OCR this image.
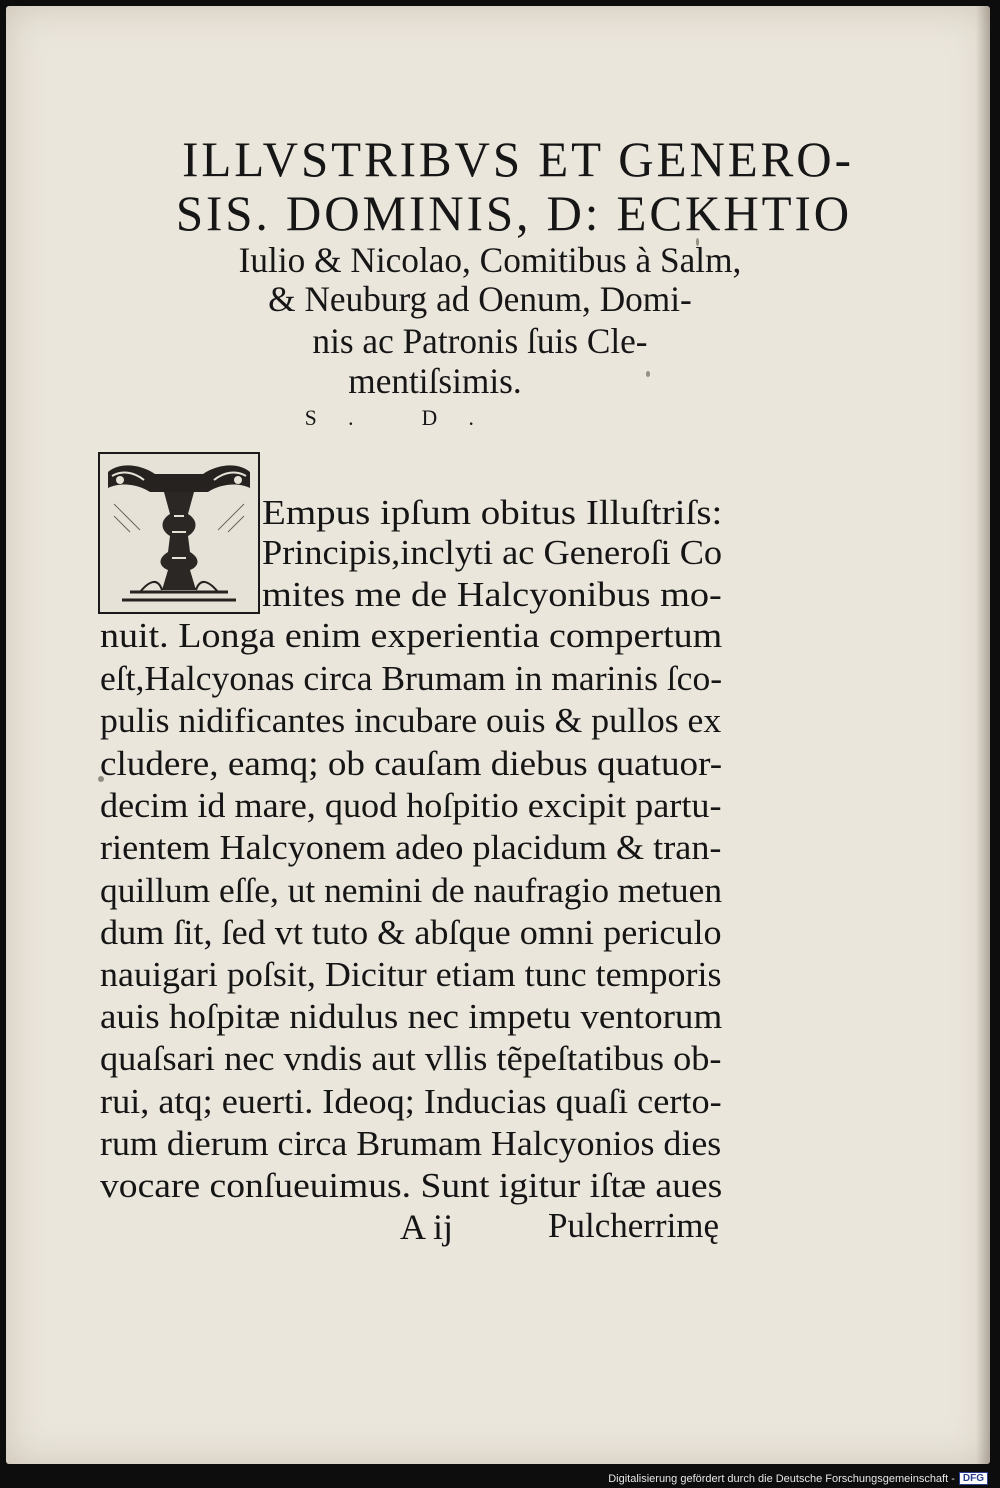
ILLVSTRIBVS ET GENERO-
SIS. DOMINIS, D: ECKHTIO
Iulio & Nicolao, Comitibus à Salm,
& Neuburg ad Oenum, Domi-
nis ac Patronis ſuis Cle-
mentiſsimis.
S. D.
Empus ipſum obitus Illuſtriſs:
Principis,inclyti ac Generoſi Co
mites me de Halcyonibus mo-
nuit. Longa enim experientia compertum
eſt,Halcyonas circa Brumam in marinis ſco-
pulis nidificantes incubare ouis & pullos ex
cludere, eamq; ob cauſam diebus quatuor-
decim id mare, quod hoſpitio excipit partu-
rientem Halcyonem adeo placidum & tran-
quillum eſſe, ut nemini de naufragio metuen
dum ſit, ſed vt tuto & abſque omni periculo
nauigari poſsit, Dicitur etiam tunc temporis
auis hoſpitæ nidulus nec impetu ventorum
quaſsari nec vndis aut vllis tẽpeſtatibus ob-
rui, atq; euerti. Ideoq; Inducias quaſi certo-
rum dierum circa Brumam Halcyonios dies
vocare conſueuimus. Sunt igitur iſtæ aues
A ij	Pulcherrimę
Digitalisierung gefördert durch die Deutsche Forschungsgemeinschaft - DFG
